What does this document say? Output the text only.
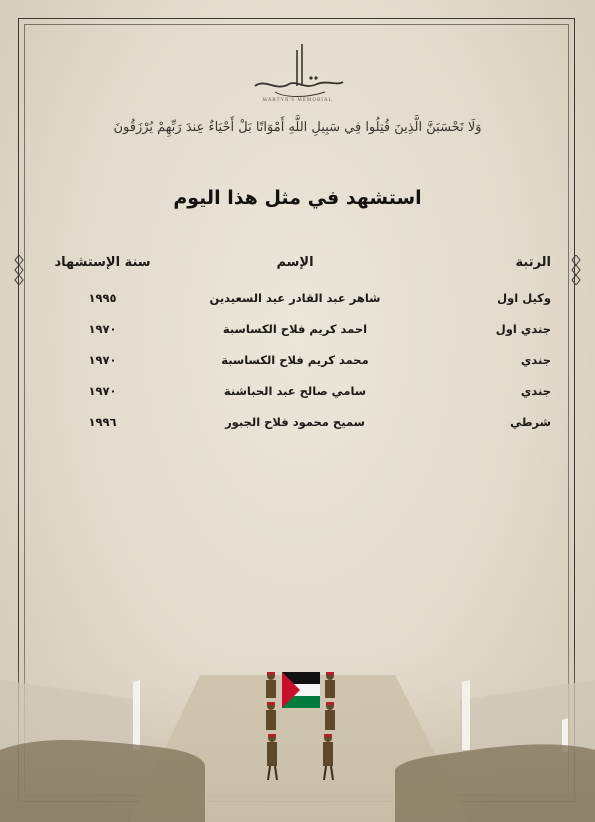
MARTYR'S MEMORIAL
وَلَا تَحْسَبَنَّ الَّذِينَ قُتِلُوا فِي سَبِيلِ اللَّهِ أَمْوَاتًا بَلْ أَحْيَاءٌ عِندَ رَبِّهِمْ يُرْزَقُونَ
استشهد في مثل هذا اليوم
الرتبة
الإسم
سنة الإستشهاد
وكيل اول
شاهر عبد القادر عيد السعيدين
١٩٩٥
جندي اول
احمد كريم فلاح الكساسبة
١٩٧٠
جندي
محمد كريم فلاح الكساسبة
١٩٧٠
جندي
سامي صالح عبد الحباشنة
١٩٧٠
شرطي
سميح محمود فلاح الجبور
١٩٩٦
